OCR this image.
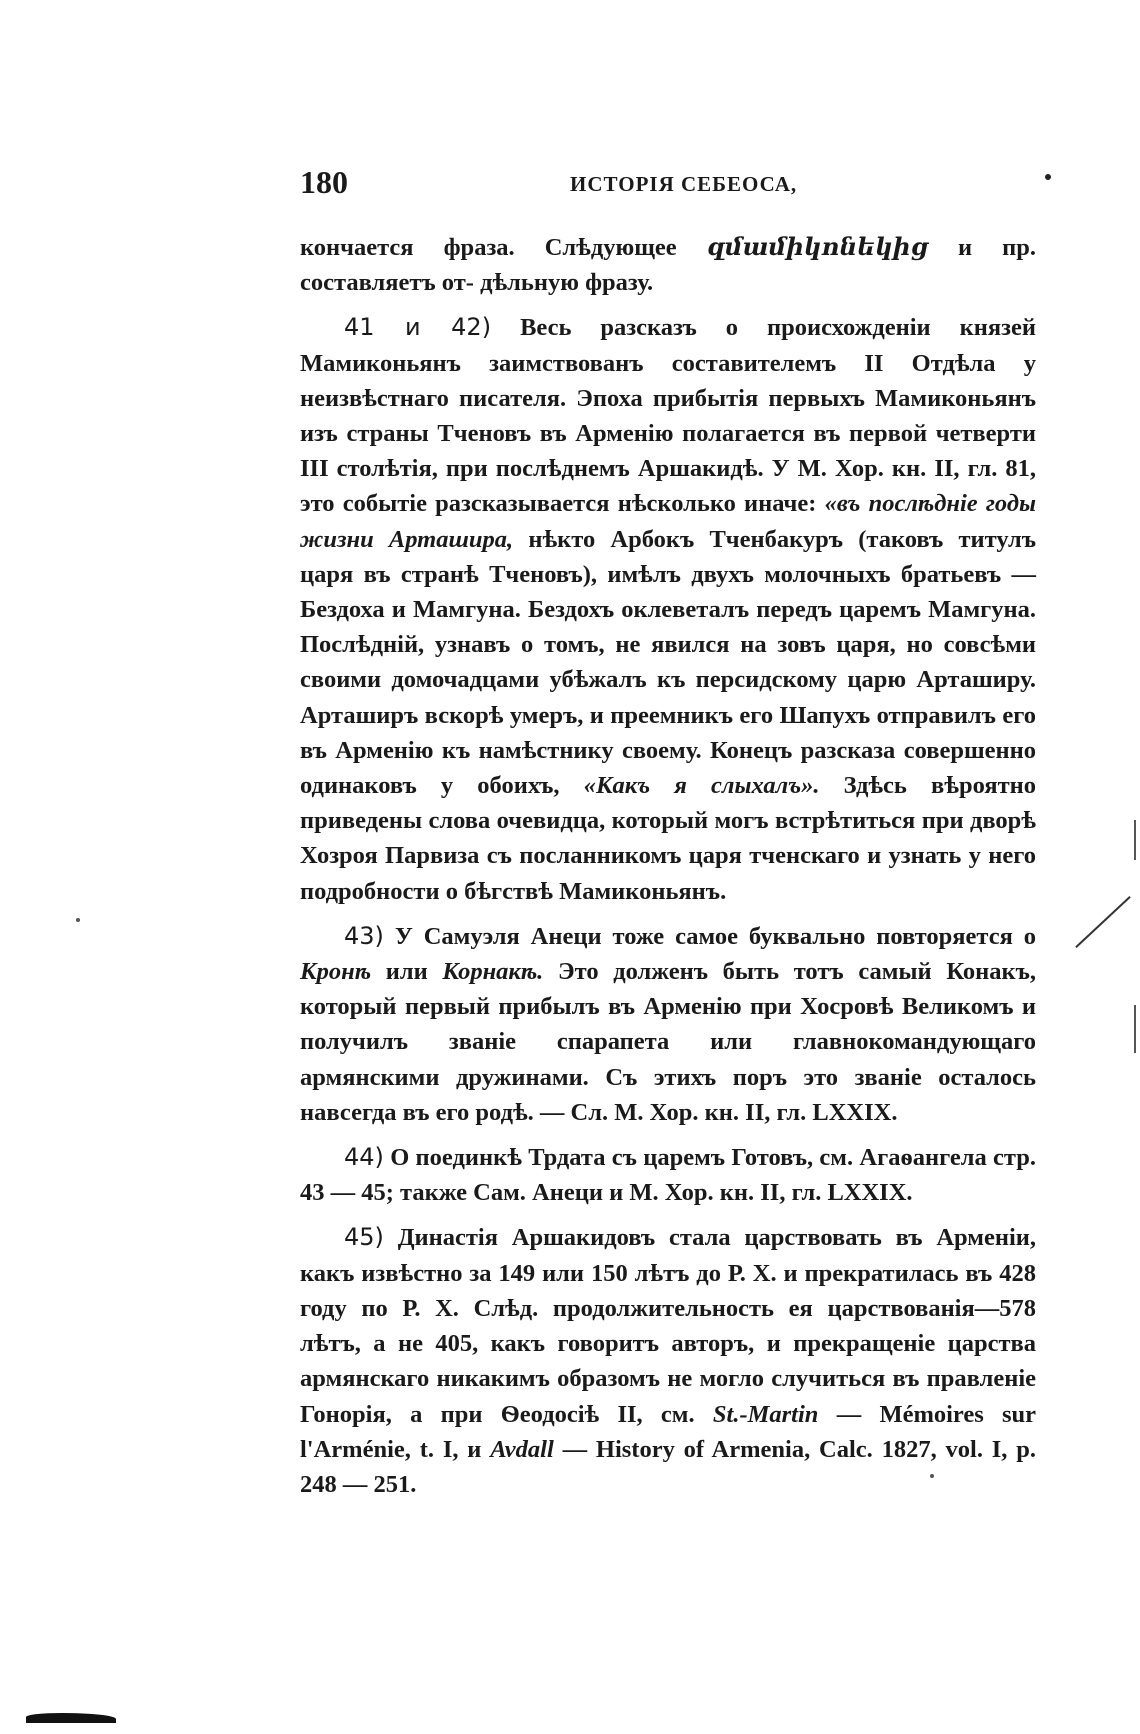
180	ИСТОРІЯ СЕБЕОСА,

кончается фраза. Слѣдующее զմամիկոնեկից и пр. составляетъ от- дѣльную фразу.

41 и 42) Весь разсказъ о происхожденіи князей Мамиконьянъ заимствованъ составителемъ II Отдѣла у неизвѣстнаго писателя. Эпоха прибытія первыхъ Мамиконьянъ изъ страны Тченовъ въ Арменію полагается въ первой четверти III столѣтія, при послѣднемъ Аршакидѣ. У М. Хор. кн. II, гл. 81, это событіе разсказывается нѣсколько иначе: «въ послѣдніе годы жизни Арташира, нѣкто Арбокъ Тченбакуръ (таковъ титулъ царя въ странѣ Тченовъ), имѣлъ двухъ молочныхъ братьевъ — Бездоха и Мамгуна. Бездохъ оклеветалъ передъ царемъ Мамгуна. Послѣдній, узнавъ о томъ, не явился на зовъ царя, но совсѣми своими домочадцами убѣжалъ къ персидскому царю Арташиру. Арташиръ вскорѣ умеръ, и преемникъ его Шапухъ отправилъ его въ Арменію къ намѣстнику своему. Конецъ разсказа совершенно одинаковъ у обоихъ, «Какъ я слыхалъ». Здѣсь вѣроятно приведены слова очевидца, который могъ встрѣтиться при дворѣ Хозроя Парвиза съ посланникомъ царя тченскаго и узнать у него подробности о бѣгствѣ Мамиконьянъ.

43) У Самуэля Анеци тоже самое буквально повторяется о Кронѣ или Корнакѣ. Это долженъ быть тотъ самый Конакъ, который первый прибылъ въ Арменію при Хосровѣ Великомъ и получилъ званіе спарапета или главнокомандующаго армянскими дружинами. Съ этихъ поръ это званіе осталось навсегда въ его родѣ. — Сл. М. Хор. кн. II, гл. LXXIX.

44) О поединкѣ Трдата съ царемъ Готовъ, см. Агаѳангела стр. 43 — 45; также Сам. Анеци и М. Хор. кн. II, гл. LXXIX.

45) Династія Аршакидовъ стала царствовать въ Арменіи, какъ извѣстно за 149 или 150 лѣтъ до Р. X. и прекратилась въ 428 году по Р. X. Слѣд. продолжительность ея царствованія—578 лѣтъ, а не 405, какъ говоритъ авторъ, и прекращеніе царства армянскаго никакимъ образомъ не могло случиться въ правленіе Гонорія, а при Ѳеодосіѣ II, см. St.-Martin — Mémoires sur l'Arménie, t. I, и Avdall — History of Armenia, Calc. 1827, vol. I, p. 248 — 251.
